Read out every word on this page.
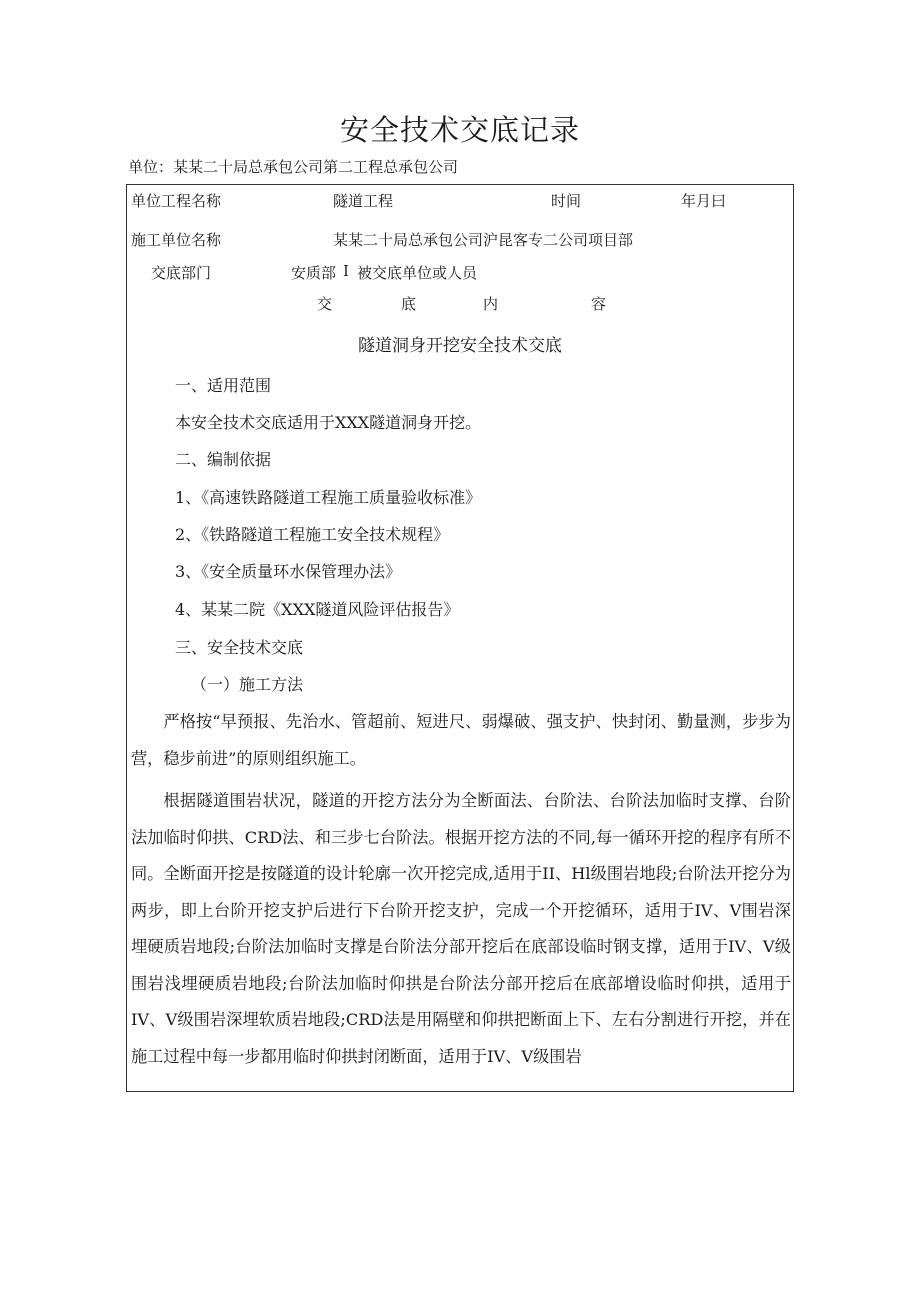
安全技术交底记录
单位：某某二十局总承包公司第二工程总承包公司
单位工程名称	隧道工程	时间	年月曰
施工单位名称	某某二十局总承包公司沪昆客专二公司项目部
交底部门	安质部 I 被交底单位或人员
交	底	内	容
隧道洞身开挖安全技术交底
一、适用范围
本安全技术交底适用于XXX隧道洞身开挖。
二、编制依据
1、《高速铁路隧道工程施工质量验收标准》
2、《铁路隧道工程施工安全技术规程》
3、《安全质量环水保管理办法》
4、某某二院《XXX隧道风险评估报告》
三、安全技术交底
（一）施工方法
严格按“早预报、先治水、管超前、短进尺、弱爆破、强支护、快封闭、勤量测，步步为营，稳步前进”的原则组织施工。
根据隧道围岩状况，隧道的开挖方法分为全断面法、台阶法、台阶法加临时支撑、台阶法加临时仰拱、CRD法、和三步七台阶法。根据开挖方法的不同,每一循环开挖的程序有所不同。全断面开挖是按隧道的设计轮廓一次开挖完成,适用于II、Hl级围岩地段;台阶法开挖分为两步，即上台阶开挖支护后进行下台阶开挖支护，完成一个开挖循环，适用于IV、V围岩深埋硬质岩地段;台阶法加临时支撑是台阶法分部开挖后在底部设临时钢支撑，适用于IV、V级围岩浅埋硬质岩地段;台阶法加临时仰拱是台阶法分部开挖后在底部增设临时仰拱，适用于IV、V级围岩深埋软质岩地段;CRD法是用隔壁和仰拱把断面上下、左右分割进行开挖，并在施工过程中每一步都用临时仰拱封闭断面，适用于IV、V级围岩
